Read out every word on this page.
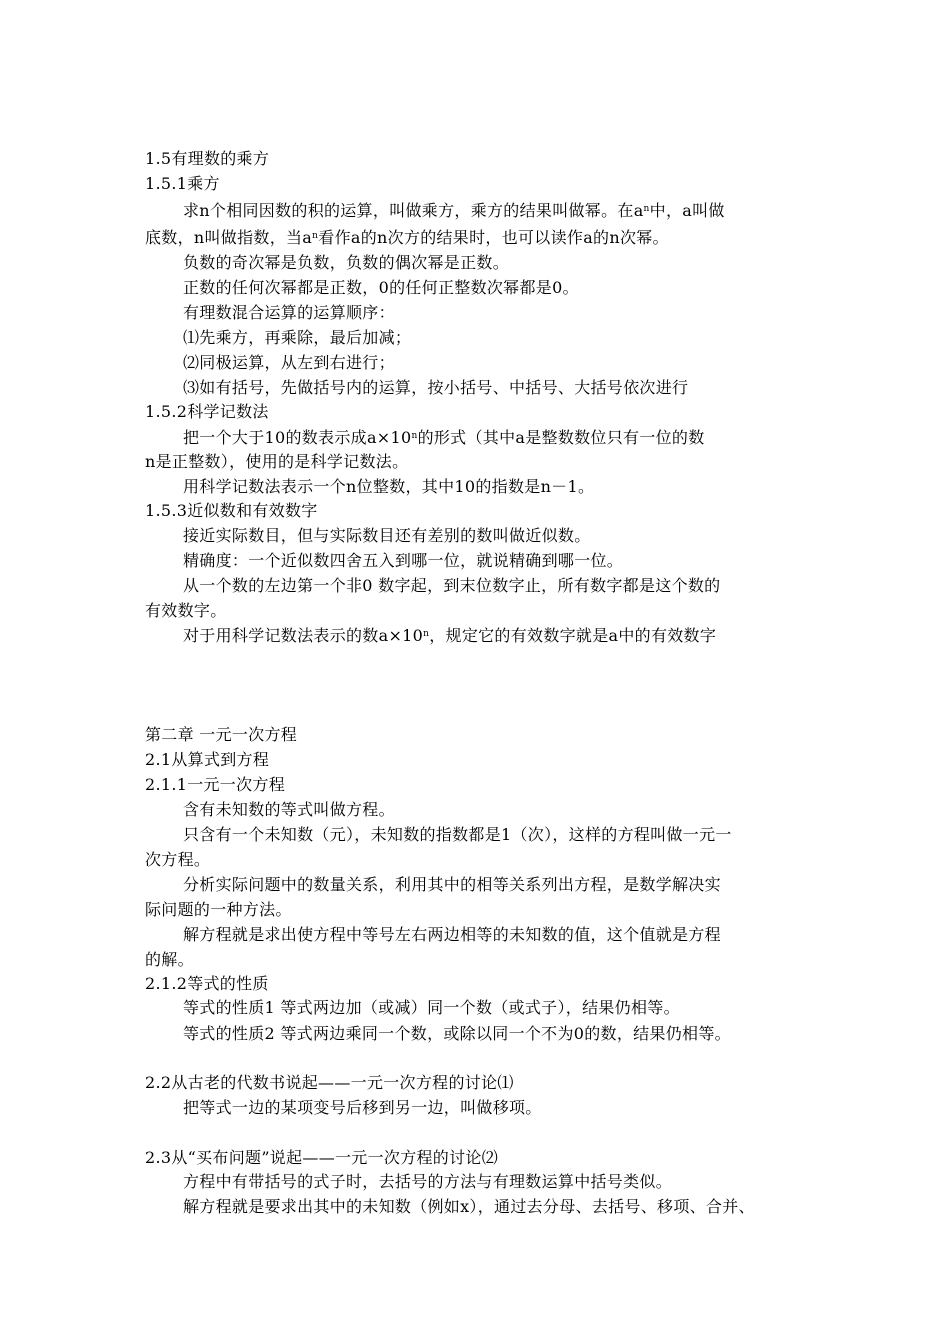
1.5有理数的乘方
1.5.1乘方
求n个相同因数的积的运算，叫做乘方，乘方的结果叫做幂。在$a^n$中，a叫做
底数，n叫做指数，当$a^n$看作a的n次方的结果时，也可以读作a的n次幂。
负数的奇次幂是负数，负数的偶次幂是正数。
正数的任何次幂都是正数，0的任何正整数次幂都是0。
有理数混合运算的运算顺序：
⑴先乘方，再乘除，最后加减；
⑵同极运算，从左到右进行；
⑶如有括号，先做括号内的运算，按小括号、中括号、大括号依次进行
1.5.2科学记数法
把一个大于10的数表示成$a\times 10^n$的形式（其中a是整数数位只有一位的数
n是正整数），使用的是科学记数法。
用科学记数法表示一个n位整数，其中10的指数是n－1。
1.5.3近似数和有效数字
接近实际数目，但与实际数目还有差别的数叫做近似数。
精确度：一个近似数四舍五入到哪一位，就说精确到哪一位。
从一个数的左边第一个非0 数字起，到末位数字止，所有数字都是这个数的
有效数字。
对于用科学记数法表示的数$a\times 10^n$，规定它的有效数字就是a中的有效数字
第二章 一元一次方程
2.1从算式到方程
2.1.1一元一次方程
含有未知数的等式叫做方程。
只含有一个未知数（元），未知数的指数都是1（次），这样的方程叫做一元一
次方程。
分析实际问题中的数量关系，利用其中的相等关系列出方程，是数学解决实
际问题的一种方法。
解方程就是求出使方程中等号左右两边相等的未知数的值，这个值就是方程
的解。
2.1.2等式的性质
等式的性质1 等式两边加（或减）同一个数（或式子），结果仍相等。
等式的性质2 等式两边乘同一个数，或除以同一个不为0的数，结果仍相等。
2.2从古老的代数书说起——一元一次方程的讨论⑴
把等式一边的某项变号后移到另一边，叫做移项。
2.3从“买布问题”说起——一元一次方程的讨论⑵
方程中有带括号的式子时，去括号的方法与有理数运算中括号类似。
解方程就是要求出其中的未知数（例如x），通过去分母、去括号、移项、合并、
